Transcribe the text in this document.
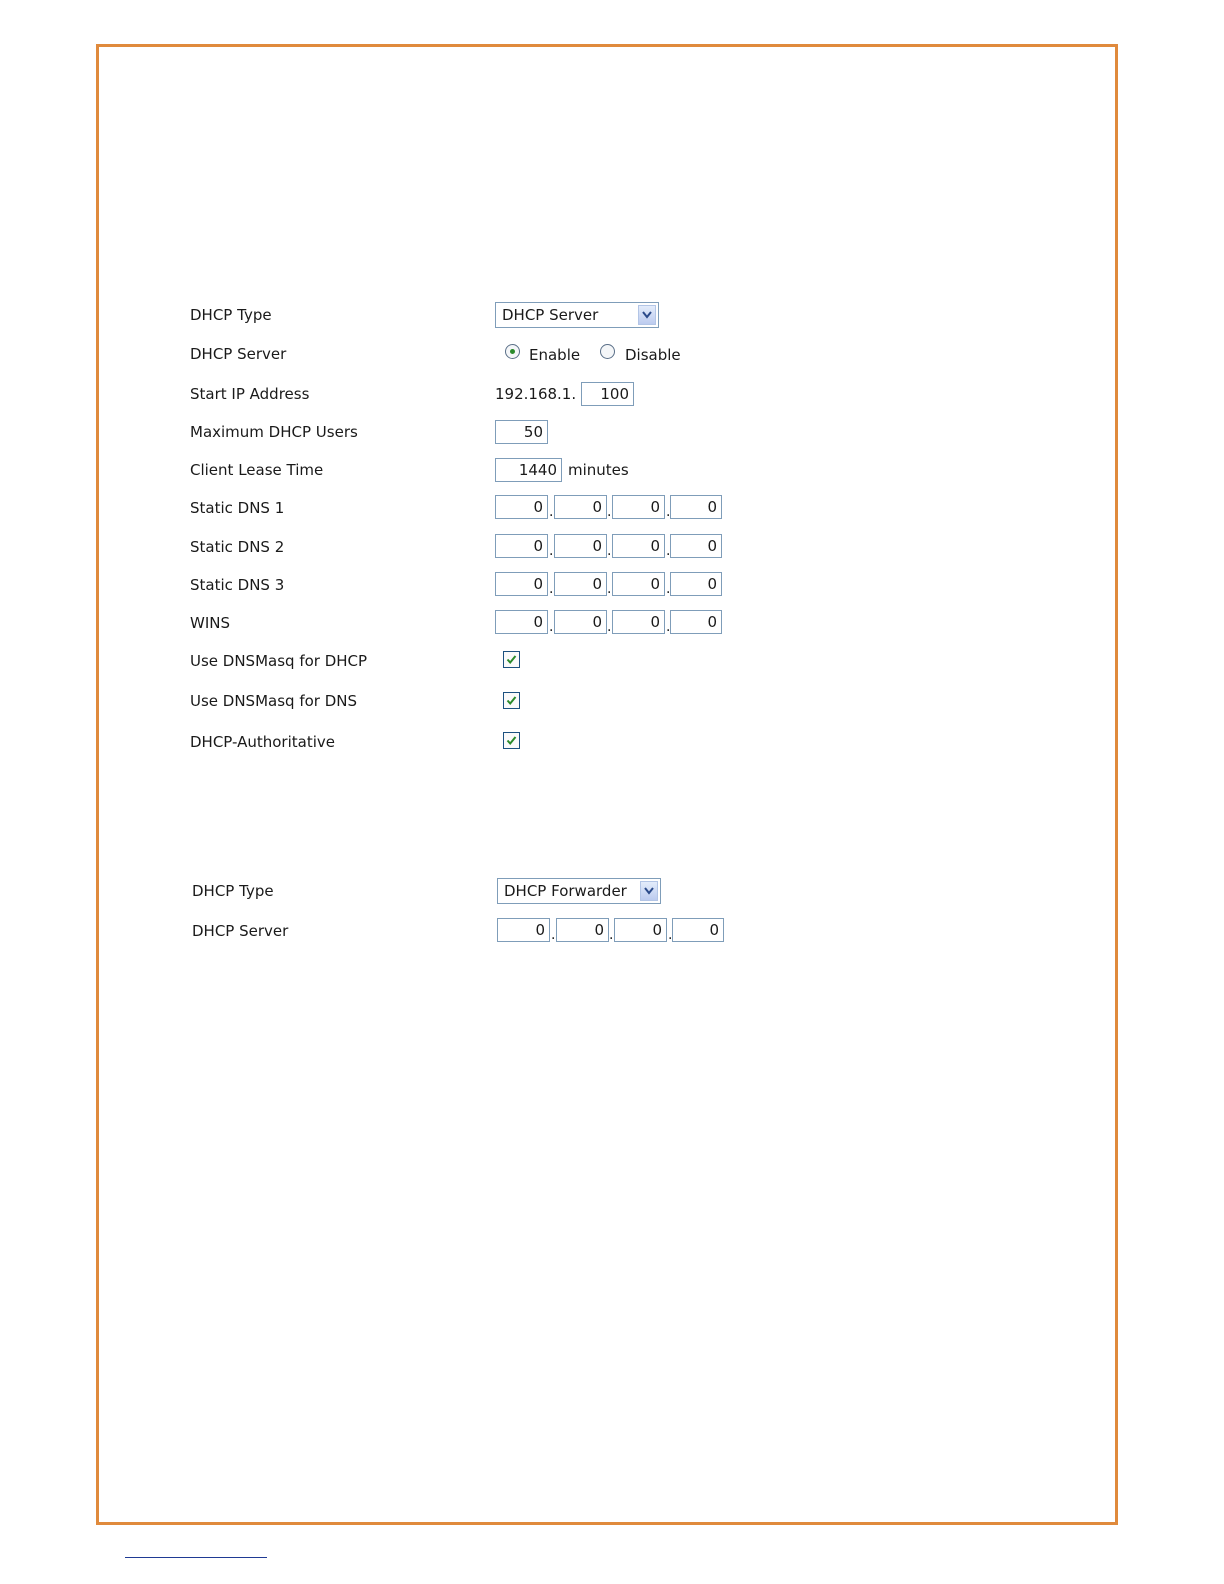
DHCP Type	DHCP Server
DHCP Server	Enable	Disable
Start IP Address	192.168.1.	100
Maximum DHCP Users	50
Client Lease Time	1440 minutes
Static DNS 1	0 .	0 .	0 .	0
Static DNS 2	0 .	0 .	0 .	0
Static DNS 3	0 .	0 .	0 .	0
WINS	0 .	0 .	0 .	0
Use DNSMasq for DHCP
Use DNSMasq for DNS
DHCP-Authoritative
DHCP Type	DHCP Forwarder
DHCP Server	0 .	0 .	0 .	0
